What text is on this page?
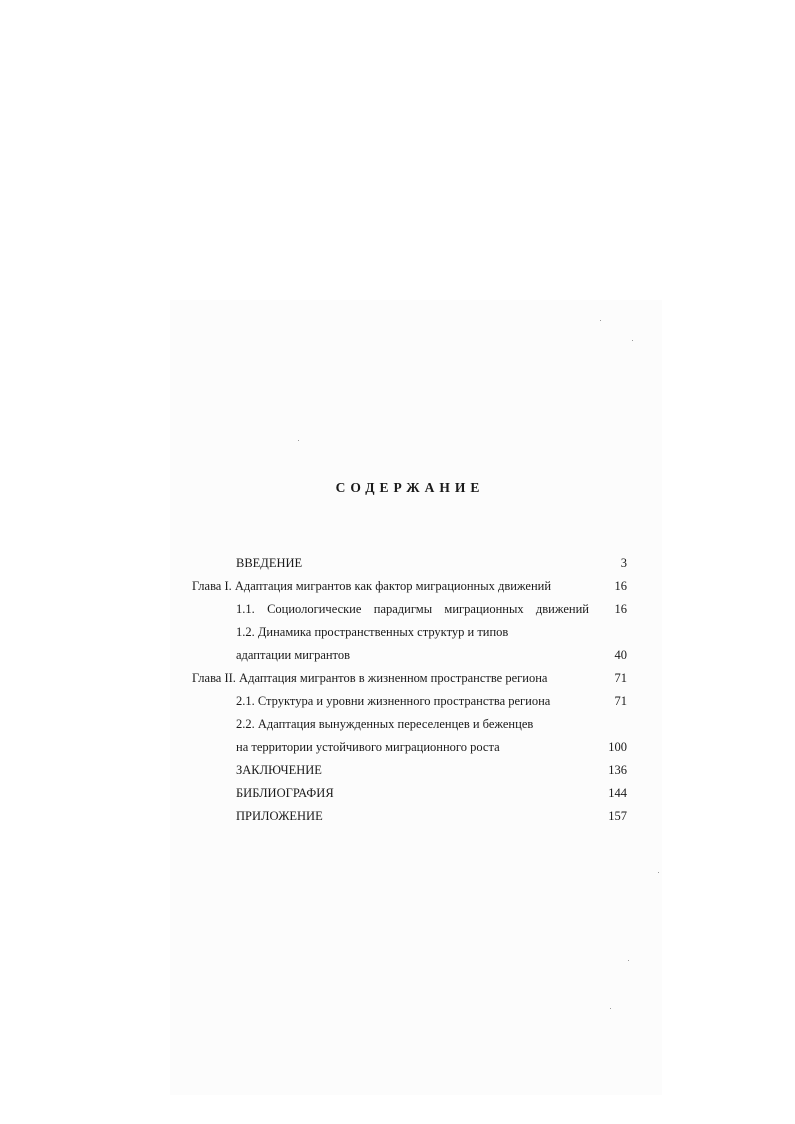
СОДЕРЖАНИЕ
ВВЕДЕНИЕ	3
Глава I. Адаптация мигрантов как фактор миграционных движений	16
1.1. Социологические парадигмы миграционных движений	16
1.2. Динамика пространственных структур и типов
адаптации мигрантов	40
Глава II. Адаптация мигрантов в жизненном пространстве региона	71
2.1. Структура и уровни жизненного пространства региона	71
2.2. Адаптация вынужденных переселенцев и беженцев
на территории устойчивого миграционного роста	100
ЗАКЛЮЧЕНИЕ	136
БИБЛИОГРАФИЯ	144
ПРИЛОЖЕНИЕ	157
